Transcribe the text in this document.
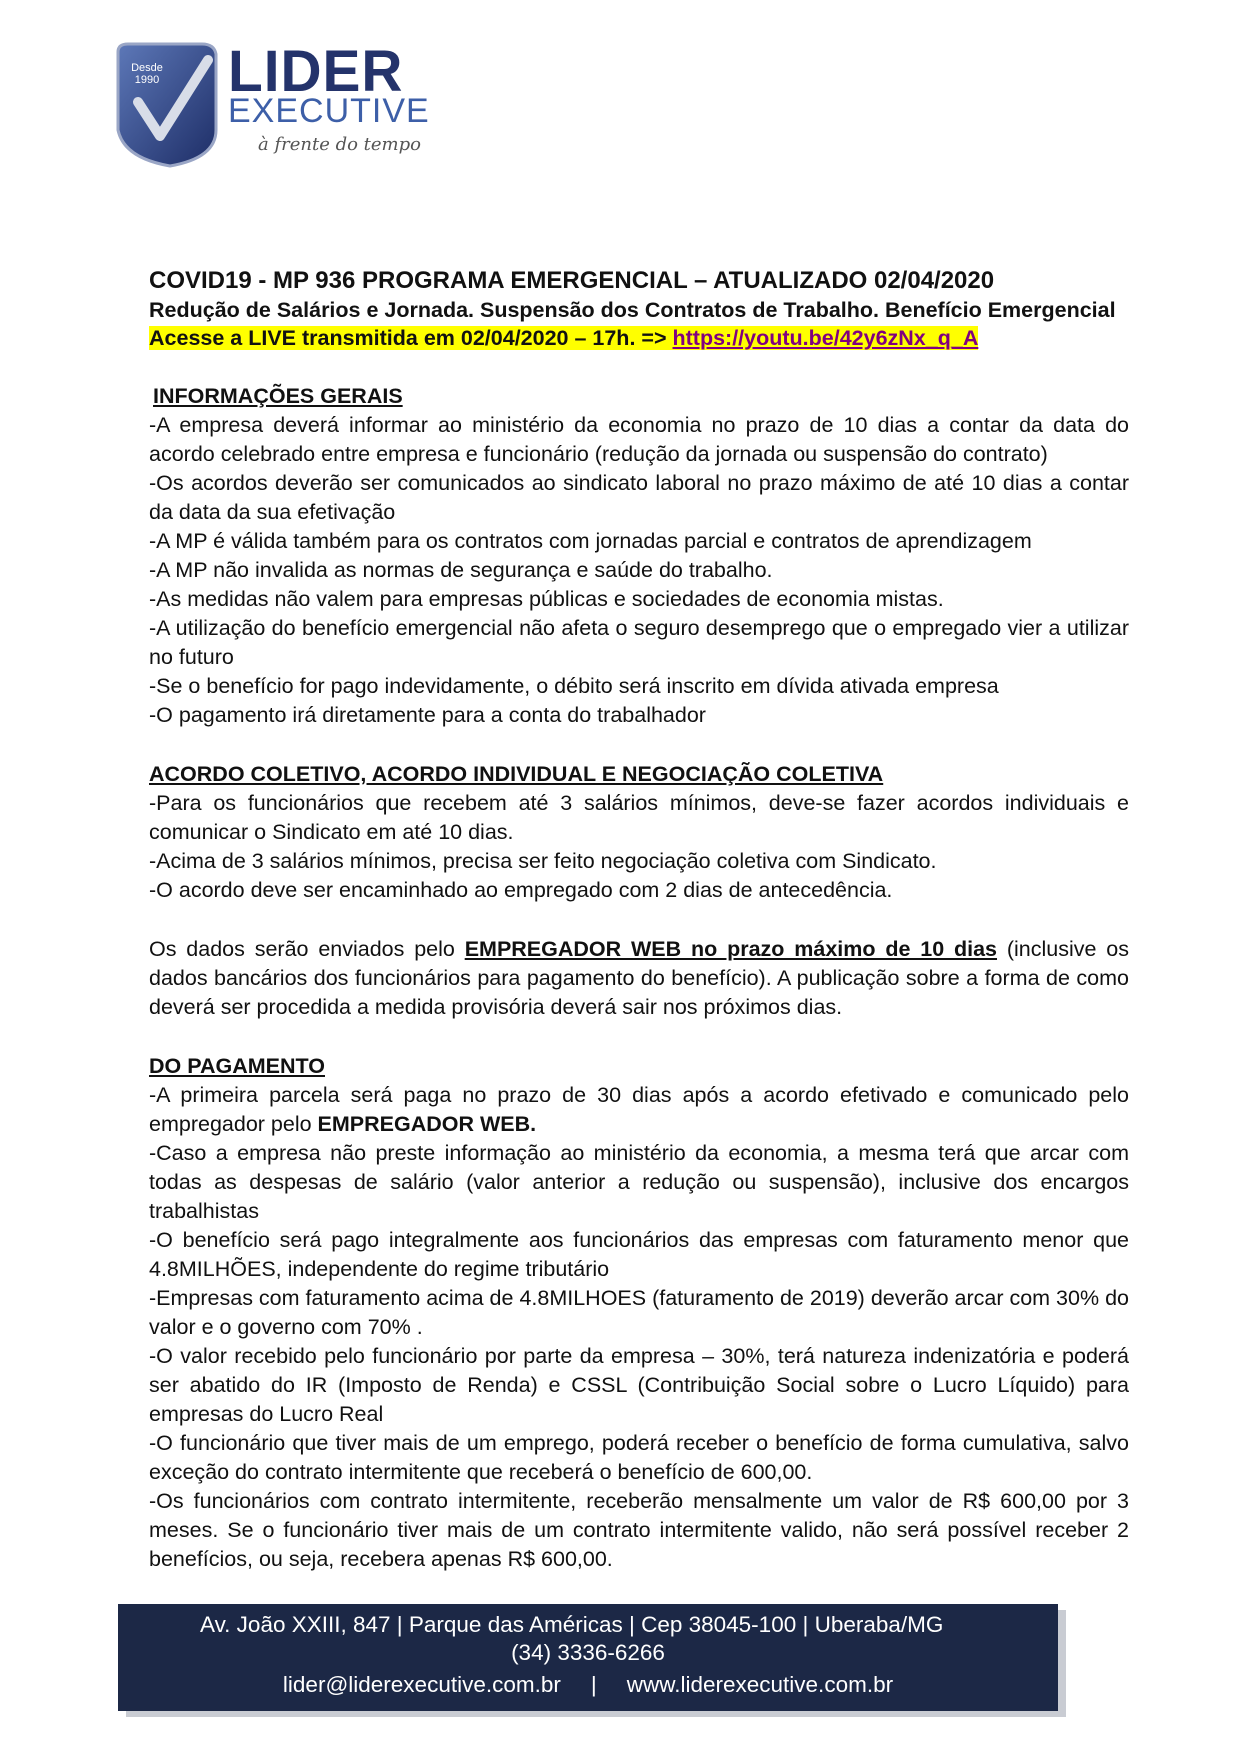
Desde 1990 LIDER
EXECUTIVE
à frente do tempo

COVID19 - MP 936 PROGRAMA EMERGENCIAL – ATUALIZADO 02/04/2020

Redução de Salários e Jornada. Suspensão dos Contratos de Trabalho. Benefício Emergencial

Acesse a LIVE transmitida em 02/04/2020 – 17h. => https://youtu.be/42y6zNx_q_A

INFORMAÇÕES GERAIS

-A empresa deverá informar ao ministério da economia no prazo de 10 dias a contar da data do acordo celebrado entre empresa e funcionário (redução da jornada ou suspensão do contrato)

-Os acordos deverão ser comunicados ao sindicato laboral no prazo máximo de até 10 dias a contar da data da sua efetivação

-A MP é válida também para os contratos com jornadas parcial e contratos de aprendizagem

-A MP não invalida as normas de segurança e saúde do trabalho.

-As medidas não valem para empresas públicas e sociedades de economia mistas.

-A utilização do benefício emergencial não afeta o seguro desemprego que o empregado vier a utilizar no futuro

-Se o benefício for pago indevidamente, o débito será inscrito em dívida ativada empresa

-O pagamento irá diretamente para a conta do trabalhador

ACORDO COLETIVO, ACORDO INDIVIDUAL E NEGOCIAÇÃO COLETIVA

-Para os funcionários que recebem até 3 salários mínimos, deve-se fazer acordos individuais e comunicar o Sindicato em até 10 dias.

-Acima de 3 salários mínimos, precisa ser feito negociação coletiva com Sindicato.

-O acordo deve ser encaminhado ao empregado com 2 dias de antecedência.

Os dados serão enviados pelo EMPREGADOR WEB no prazo máximo de 10 dias (inclusive os dados bancários dos funcionários para pagamento do benefício). A publicação sobre a forma de como deverá ser procedida a medida provisória deverá sair nos próximos dias.

DO PAGAMENTO

-A primeira parcela será paga no prazo de 30 dias após a acordo efetivado e comunicado pelo empregador pelo EMPREGADOR WEB.

-Caso a empresa não preste informação ao ministério da economia, a mesma terá que arcar com todas as despesas de salário (valor anterior a redução ou suspensão), inclusive dos encargos trabalhistas

-O benefício será pago integralmente aos funcionários das empresas com faturamento menor que 4.8MILHÕES, independente do regime tributário

-Empresas com faturamento acima de 4.8MILHOES (faturamento de 2019) deverão arcar com 30% do valor e o governo com 70% .

-O valor recebido pelo funcionário por parte da empresa – 30%, terá natureza indenizatória e poderá ser abatido do IR (Imposto de Renda) e CSSL (Contribuição Social sobre o Lucro Líquido) para empresas do Lucro Real

-O funcionário que tiver mais de um emprego, poderá receber o benefício de forma cumulativa, salvo exceção do contrato intermitente que receberá o benefício de 600,00.

-Os funcionários com contrato intermitente, receberão mensalmente um valor de R$ 600,00 por 3 meses. Se o funcionário tiver mais de um contrato intermitente valido, não será possível receber 2 benefícios, ou seja, recebera apenas R$ 600,00.

Av. João XXIII, 847 | Parque das Américas | Cep 38045-100 | Uberaba/MG
(34) 3336-6266
lider@liderexecutive.com.br | www.liderexecutive.com.br
